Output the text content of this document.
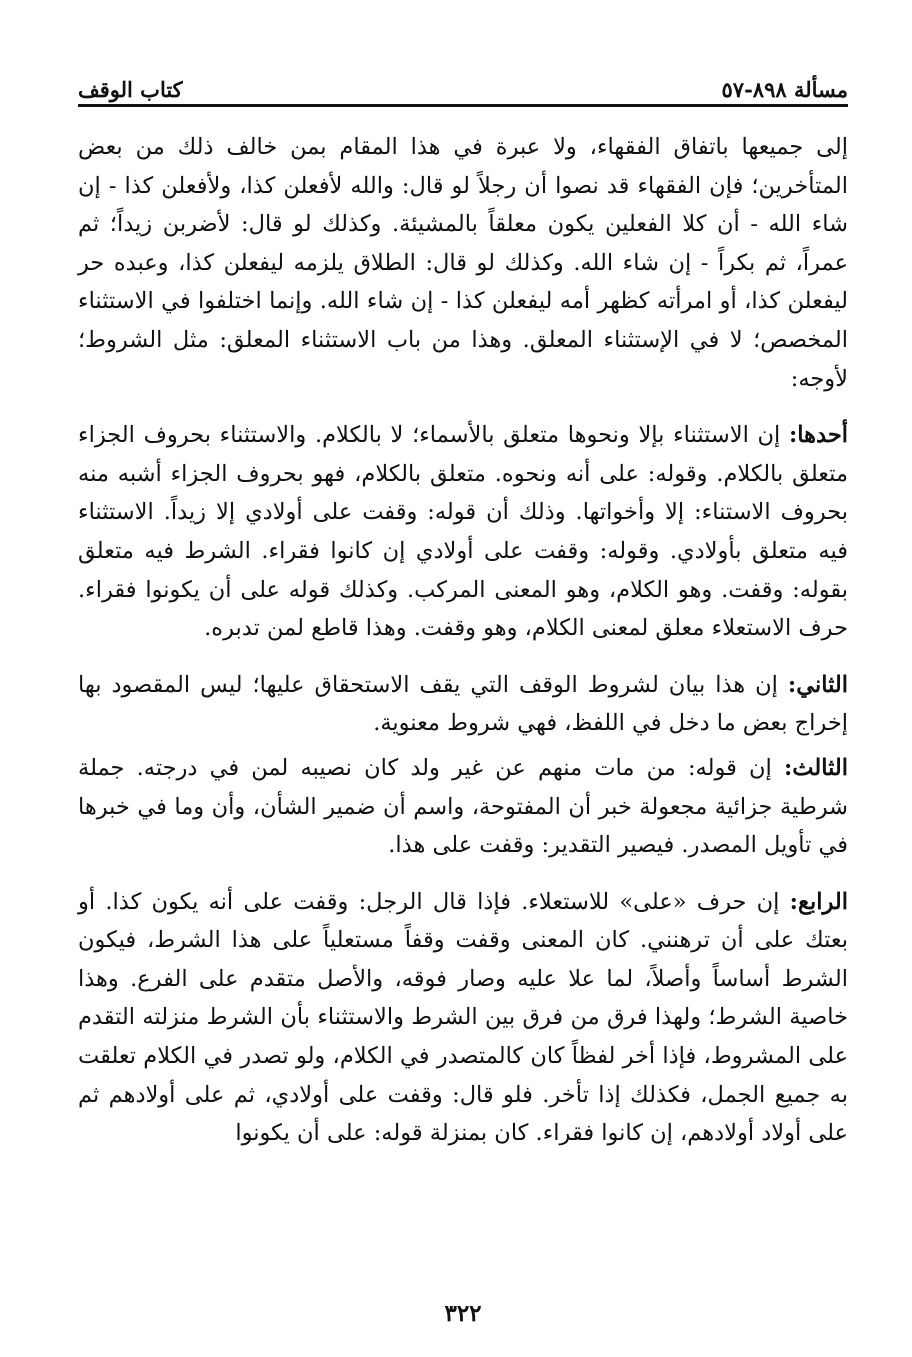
مسألة ٨٩٨-٥٧
كتاب الوقف

إلى جميعها باتفاق الفقهاء، ولا عبرة في هذا المقام بمن خالف ذلك من بعض المتأخرين؛ فإن الفقهاء قد نصوا أن رجلاً لو قال: والله لأفعلن كذا، ولأفعلن كذا - إن شاء الله - أن كلا الفعلين يكون معلقاً بالمشيئة. وكذلك لو قال: لأضربن زيداً؛ ثم عمراً، ثم بكراً - إن شاء الله. وكذلك لو قال: الطلاق يلزمه ليفعلن كذا، وعبده حر ليفعلن كذا، أو امرأته كظهر أمه ليفعلن كذا - إن شاء الله. وإنما اختلفوا في الاستثناء المخصص؛ لا في الإستثناء المعلق. وهذا من باب الاستثناء المعلق: مثل الشروط؛ لأوجه:

أحدها: إن الاستثناء بإلا ونحوها متعلق بالأسماء؛ لا بالكلام. والاستثناء بحروف الجزاء متعلق بالكلام. وقوله: على أنه ونحوه. متعلق بالكلام، فهو بحروف الجزاء أشبه منه بحروف الاستناء: إلا وأخواتها. وذلك أن قوله: وقفت على أولادي إلا زيداً. الاستثناء فيه متعلق بأولادي. وقوله: وقفت على أولادي إن كانوا فقراء. الشرط فيه متعلق بقوله: وقفت. وهو الكلام، وهو المعنى المركب. وكذلك قوله على أن يكونوا فقراء. حرف الاستعلاء معلق لمعنى الكلام، وهو وقفت. وهذا قاطع لمن تدبره.

الثاني: إن هذا بيان لشروط الوقف التي يقف الاستحقاق عليها؛ ليس المقصود بها إخراج بعض ما دخل في اللفظ، فهي شروط معنوية.

الثالث: إن قوله: من مات منهم عن غير ولد كان نصيبه لمن في درجته. جملة شرطية جزائية مجعولة خبر أن المفتوحة، واسم أن ضمير الشأن، وأن وما في خبرها في تأويل المصدر. فيصير التقدير: وقفت على هذا.

الرابع: إن حرف «على» للاستعلاء. فإذا قال الرجل: وقفت على أنه يكون كذا. أو بعتك على أن ترهنني. كان المعنى وقفت وقفاً مستعلياً على هذا الشرط، فيكون الشرط أساساً وأصلاً، لما علا عليه وصار فوقه، والأصل متقدم على الفرع. وهذا خاصية الشرط؛ ولهذا فرق من فرق بين الشرط والاستثناء بأن الشرط منزلته التقدم على المشروط، فإذا أخر لفظاً كان كالمتصدر في الكلام، ولو تصدر في الكلام تعلقت به جميع الجمل، فكذلك إذا تأخر. فلو قال: وقفت على أولادي، ثم على أولادهم ثم على أولاد أولادهم، إن كانوا فقراء. كان بمنزلة قوله: على أن يكونوا

٣٢٢
